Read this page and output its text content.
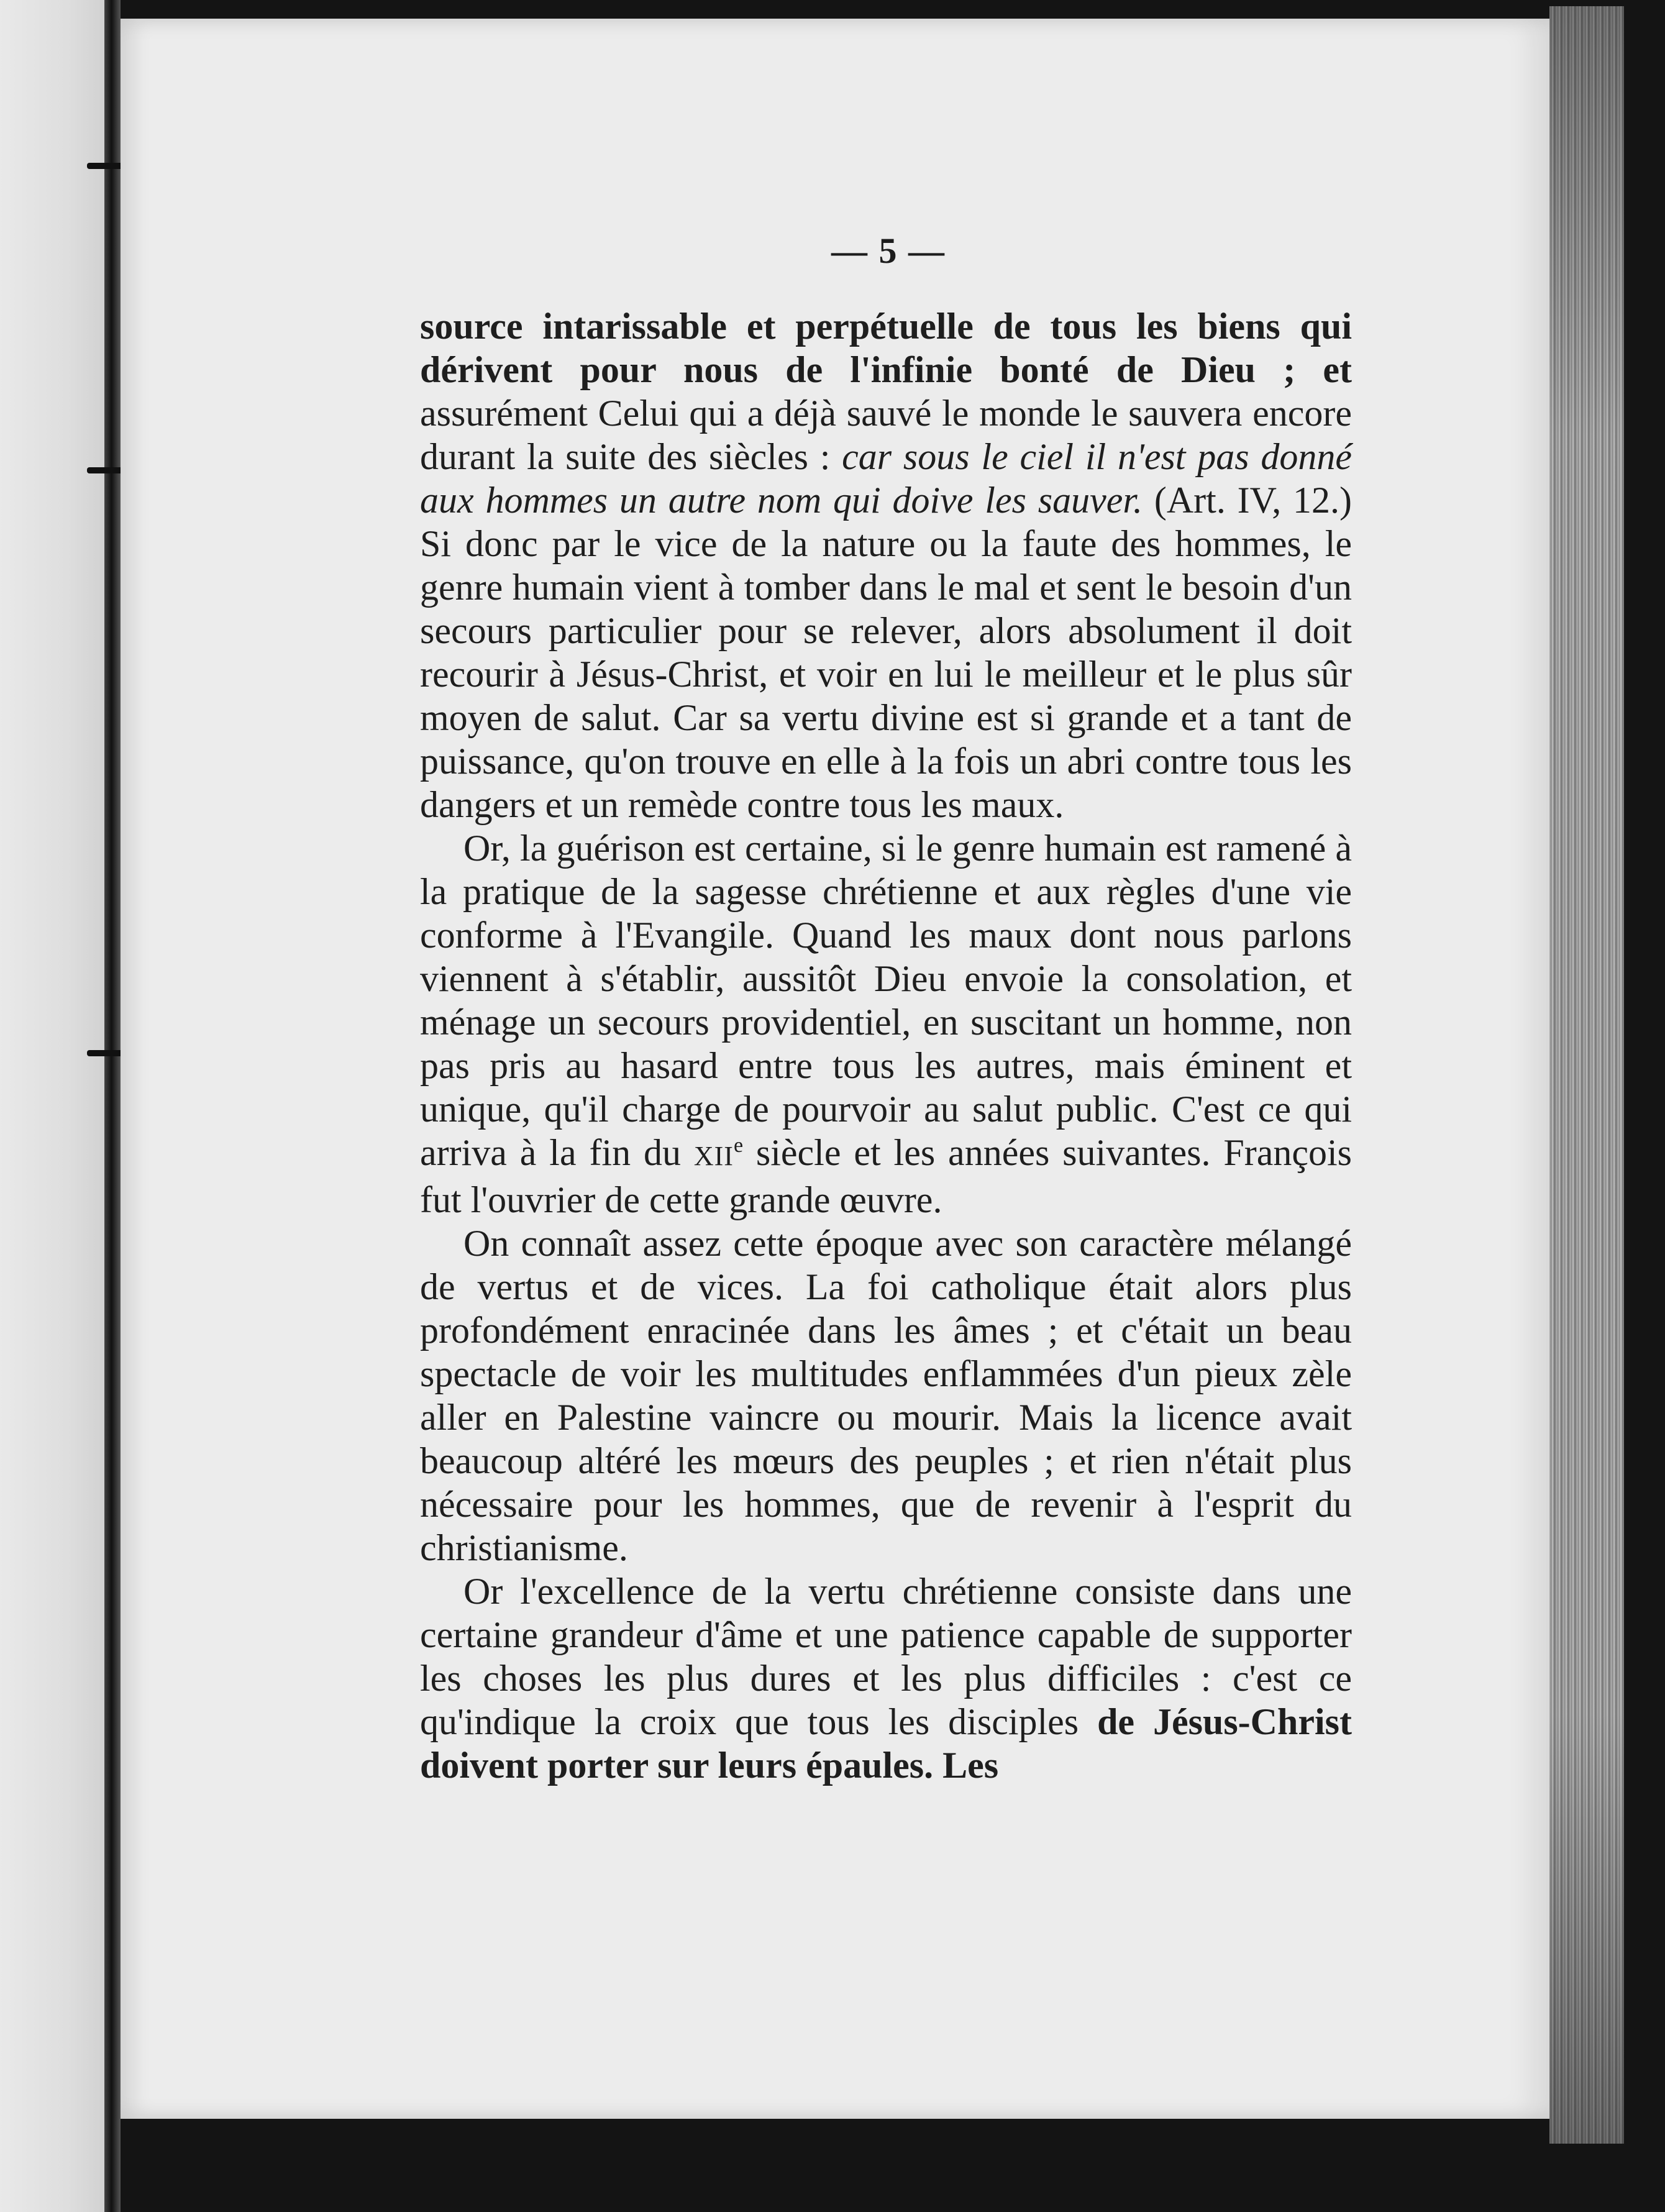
— 5 —

source intarissable et perpétuelle de tous les biens qui dérivent pour nous de l'infinie bonté de Dieu ; et assurément Celui qui a déjà sauvé le monde le sauvera encore durant la suite des siècles : car sous le ciel il n'est pas donné aux hommes un autre nom qui doive les sauver. (Art. IV, 12.) Si donc par le vice de la nature ou la faute des hommes, le genre humain vient à tomber dans le mal et sent le besoin d'un secours particulier pour se relever, alors absolument il doit recourir à Jésus-Christ, et voir en lui le meilleur et le plus sûr moyen de salut. Car sa vertu divine est si grande et a tant de puissance, qu'on trouve en elle à la fois un abri contre tous les dangers et un remède contre tous les maux.

Or, la guérison est certaine, si le genre humain est ramené à la pratique de la sagesse chrétienne et aux règles d'une vie conforme à l'Evangile. Quand les maux dont nous parlons viennent à s'établir, aussitôt Dieu envoie la consolation, et ménage un secours providentiel, en suscitant un homme, non pas pris au hasard entre tous les autres, mais éminent et unique, qu'il charge de pourvoir au salut public. C'est ce qui arriva à la fin du XIIe siècle et les années suivantes. François fut l'ouvrier de cette grande œuvre.

On connaît assez cette époque avec son caractère mélangé de vertus et de vices. La foi catholique était alors plus profondément enracinée dans les âmes ; et c'était un beau spectacle de voir les multitudes enflammées d'un pieux zèle aller en Palestine vaincre ou mourir. Mais la licence avait beaucoup altéré les mœurs des peuples ; et rien n'était plus nécessaire pour les hommes, que de revenir à l'esprit du christianisme.

Or l'excellence de la vertu chrétienne consiste dans une certaine grandeur d'âme et une patience capable de supporter les choses les plus dures et les plus difficiles : c'est ce qu'indique la croix que tous les disciples de Jésus-Christ doivent porter sur leurs épaules. Les
